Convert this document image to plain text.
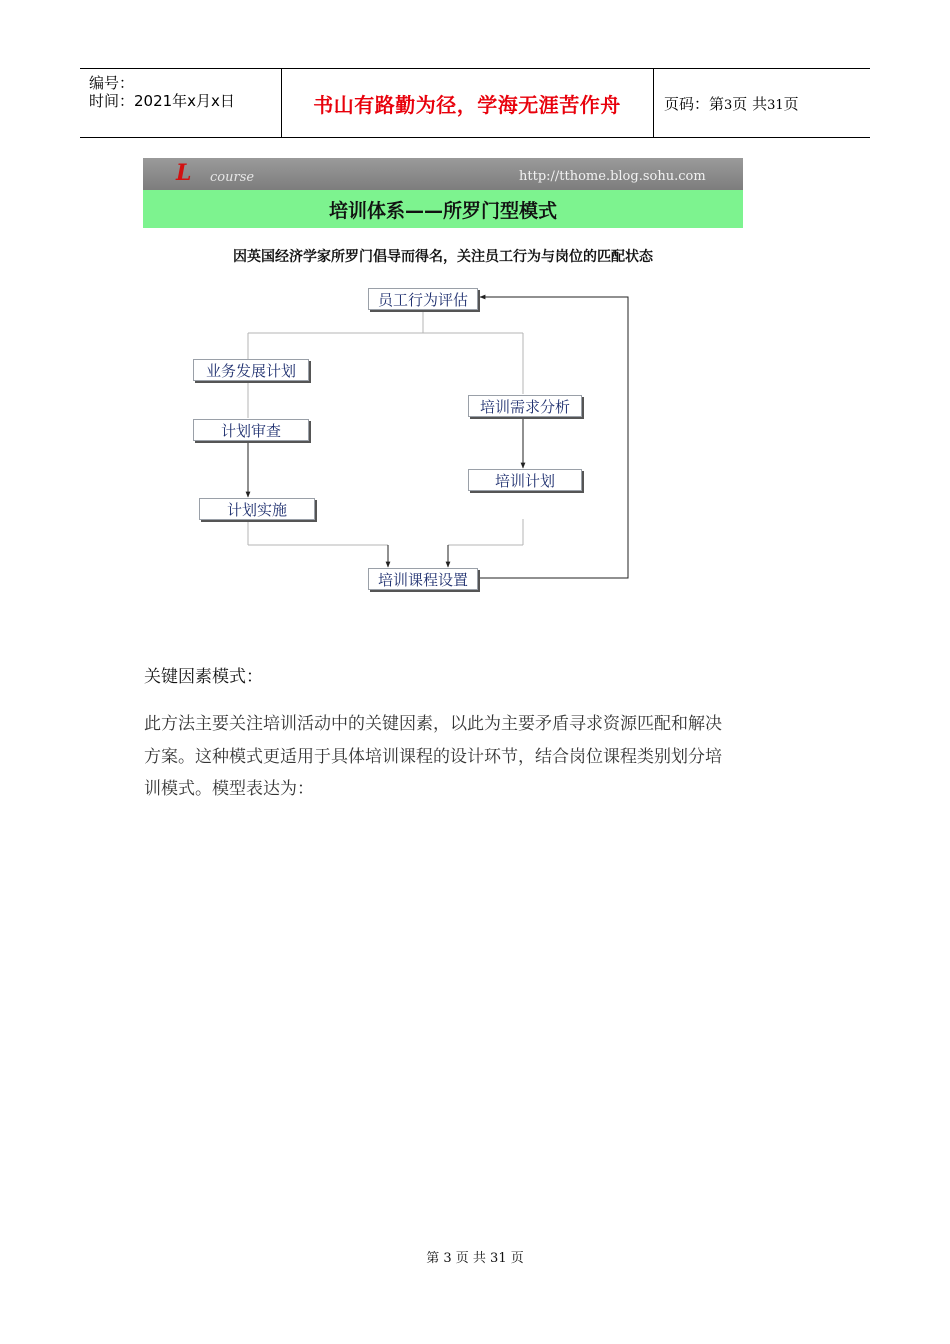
编号：
时间：2021年x月x日	书山有路勤为径，学海无涯苦作舟	页码：第3页 共31页
L course	http://tthome.blog.sohu.com
培训体系——所罗门型模式
因英国经济学家所罗门倡导而得名，关注员工行为与岗位的匹配状态
员工行为评估
业务发展计划
计划审查
计划实施
培训需求分析
培训计划
培训课程设置
关键因素模式：

此方法主要关注培训活动中的关键因素，以此为主要矛盾寻求资源匹配和解决

方案。这种模式更适用于具体培训课程的设计环节，结合岗位课程类别划分培

训模式。模型表达为：

第 3 页 共 31 页
